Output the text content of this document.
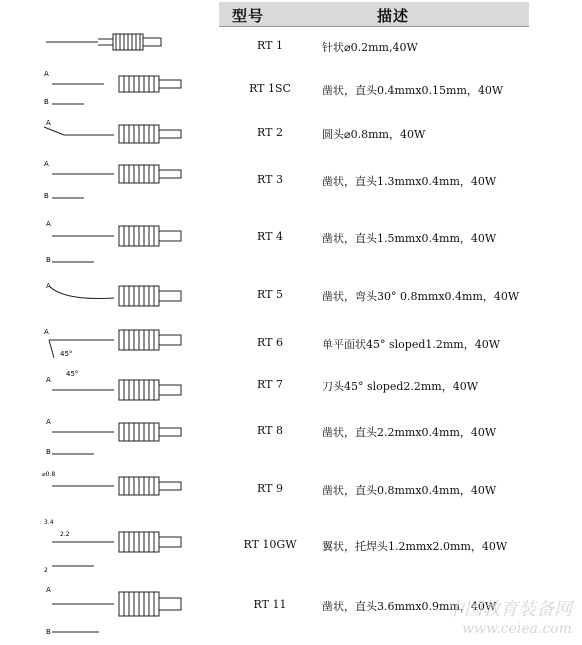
型号	描述
RT 1	针状⌀0.2mm,40W
A
B
RT 1SC	凿状，直头0.4mmx0.15mm，40W
A
RT 2	圆头⌀0.8mm，40W
A
B
RT 3	凿状，直头1.3mmx0.4mm，40W
A
B
RT 4	凿状，直头1.5mmx0.4mm，40W
A
RT 5	凿状，弯头30° 0.8mmx0.4mm，40W
A
45°
RT 6	单平面状45° sloped1.2mm，40W
A
45°
RT 7	刀头45° sloped2.2mm，40W
A
B
RT 8	凿状，直头2.2mmx0.4mm，40W
⌀0.8
RT 9	凿状，直头0.8mmx0.4mm，40W
3.4
2.2
2
RT 10GW	翼状，托焊头1.2mmx2.0mm，40W
A
B
RT 11	凿状，直头3.6mmx0.9mm，40W
中国教育装备网
www.ceiea.com
